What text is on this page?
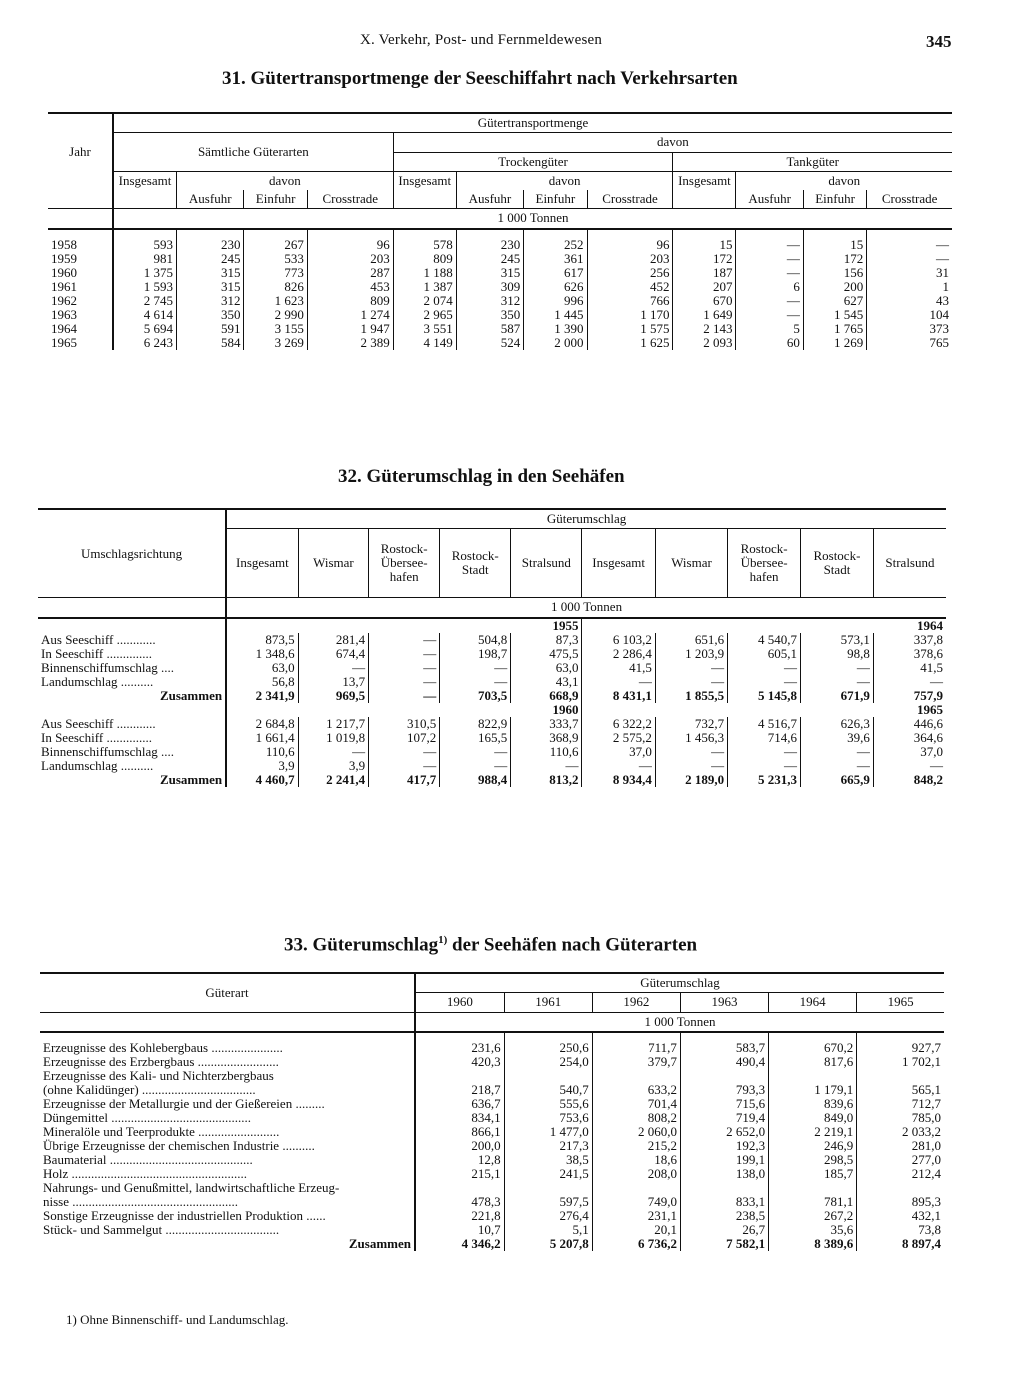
X. Verkehr, Post- und Fernmeldewesen	345
31. Gütertransportmenge der Seeschiffahrt nach Verkehrsarten
Jahr	Gütertransportmenge											
	Sämtliche Güterarten				davon							
					Trockengüter				Tankgüter			
	Insgesamt	davon			Insgesamt	davon			Insgesamt	davon		
		Ausfuhr	Einfuhr	Crosstrade		Ausfuhr	Einfuhr	Crosstrade		Ausfuhr	Einfuhr	Crosstrade
	1 000 Tonnen											
1958	593	230	267	96	578	230	252	96	15	—	15	—
1959	981	245	533	203	809	245	361	203	172	—	172	—
1960	1 375	315	773	287	1 188	315	617	256	187	—	156	31
1961	1 593	315	826	453	1 387	309	626	452	207	6	200	1
1962	2 745	312	1 623	809	2 074	312	996	766	670	—	627	43
1963	4 614	350	2 990	1 274	2 965	350	1 445	1 170	1 649	—	1 545	104
1964	5 694	591	3 155	1 947	3 551	587	1 390	1 575	2 143	5	1 765	373
1965	6 243	584	3 269	2 389	4 149	524	2 000	1 625	2 093	60	1 269	765
32. Güterumschlag in den Seehäfen
Umschlagsrichtung	Güterumschlag									
	Insgesamt	Wismar	Rostock-Übersee-hafen	Rostock-Stadt	Stralsund	Insgesamt	Wismar	Rostock-Übersee-hafen	Rostock-Stadt	Stralsund
	1 000 Tonnen									
	1955					1964				
Aus Seeschiff ............	873,5	281,4	—	504,8	87,3	6 103,2	651,6	4 540,7	573,1	337,8
In Seeschiff ..............	1 348,6	674,4	—	198,7	475,5	2 286,4	1 203,9	605,1	98,8	378,6
Binnenschiffumschlag ....	63,0	—	—	—	63,0	41,5	—	—	—	41,5
Landumschlag ..........	56,8	13,7	—	—	43,1	—	—	—	—	—
Zusammen	2 341,9	969,5	—	703,5	668,9	8 431,1	1 855,5	5 145,8	671,9	757,9
	1960					1965				
Aus Seeschiff ............	2 684,8	1 217,7	310,5	822,9	333,7	6 322,2	732,7	4 516,7	626,3	446,6
In Seeschiff ..............	1 661,4	1 019,8	107,2	165,5	368,9	2 575,2	1 456,3	714,6	39,6	364,6
Binnenschiffumschlag ....	110,6	—	—	—	110,6	37,0	—	—	—	37,0
Landumschlag ..........	3,9	3,9	—	—	—	—	—	—	—	—
Zusammen	4 460,7	2 241,4	417,7	988,4	813,2	8 934,4	2 189,0	5 231,3	665,9	848,2
33. Güterumschlag$^{1)}$ der Seehäfen nach Güterarten
Güterart	Güterumschlag					
	1960	1961	1962	1963	1964	1965
	1 000 Tonnen					
Erzeugnisse des Kohlebergbaus ......................	231,6	250,6	711,7	583,7	670,2	927,7
Erzeugnisse des Erzbergbaus .........................	420,3	254,0	379,7	490,4	817,6	1 702,1
Erzeugnisse des Kali- und Nichterzbergbaus						
(ohne Kalidünger) ...................................	218,7	540,7	633,2	793,3	1 179,1	565,1
Erzeugnisse der Metallurgie und der Gießereien .........	636,7	555,6	701,4	715,6	839,6	712,7
Düngemittel ...........................................	834,1	753,6	808,2	719,4	849,0	785,0
Mineralöle und Teerprodukte .........................	866,1	1 477,0	2 060,0	2 652,0	2 219,1	2 033,2
Übrige Erzeugnisse der chemischen Industrie ..........	200,0	217,3	215,2	192,3	246,9	281,0
Baumaterial ............................................	12,8	38,5	18,6	199,1	298,5	277,0
Holz ......................................................	215,1	241,5	208,0	138,0	185,7	212,4
Nahrungs- und Genußmittel, landwirtschaftliche Erzeug-						
nisse ...................................................	478,3	597,5	749,0	833,1	781,1	895,3
Sonstige Erzeugnisse der industriellen Produktion ......	221,8	276,4	231,1	238,5	267,2	432,1
Stück- und Sammelgut ...................................	10,7	5,1	20,1	26,7	35,6	73,8
Zusammen	4 346,2	5 207,8	6 736,2	7 582,1	8 389,6	8 897,4
1) Ohne Binnenschiff- und Landumschlag.
